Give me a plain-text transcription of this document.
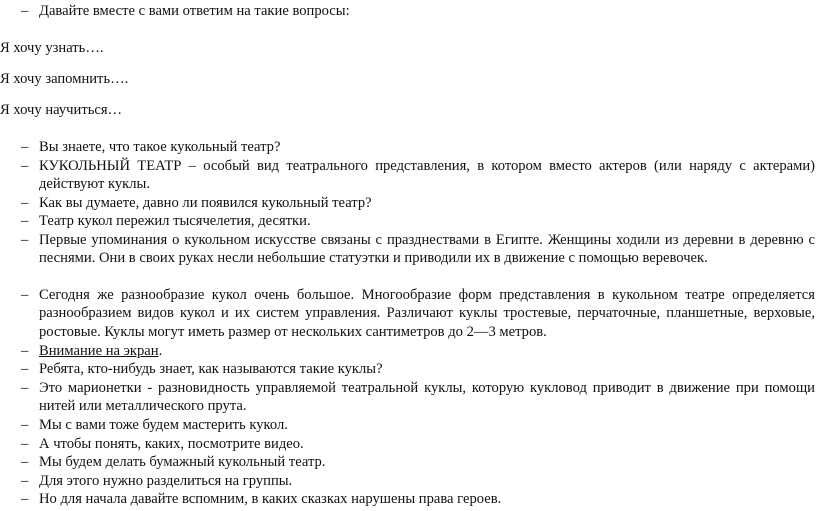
– Давайте вместе с вами ответим на такие вопросы:
Я хочу узнать….
Я хочу запомнить….
Я хочу научиться…
– Вы знаете, что такое кукольный театр?
– КУКОЛЬНЫЙ ТЕАТР – особый вид театрального представления, в котором вместо актеров (или наряду с актерами) действуют куклы.
– Как вы думаете, давно ли появился кукольный театр?
– Театр кукол пережил тысячелетия, десятки.
– Первые упоминания о кукольном искусстве связаны с празднествами в Египте. Женщины ходили из деревни в деревню с песнями. Они в своих руках несли небольшие статуэтки и приводили их в движение с помощью веревочек.
– Сегодня же разнообразие кукол очень большое. Многообразие форм представления в кукольном театре определяется разнообразием видов кукол и их систем управления. Различают куклы тростевые, перчаточные, планшетные, верховые, ростовые. Куклы могут иметь размер от нескольких сантиметров до 2—3 метров.
– Внимание на экран.
– Ребята, кто-нибудь знает, как называются такие куклы?
– Это марионетки - разновидность управляемой театральной куклы, которую кукловод приводит в движение при помощи нитей или металлического прута.
– Мы с вами тоже будем мастерить кукол.
– А чтобы понять, каких, посмотрите видео.
– Мы будем делать бумажный кукольный театр.
– Для этого нужно разделиться на группы.
– Но для начала давайте вспомним, в каких сказках нарушены права героев.
